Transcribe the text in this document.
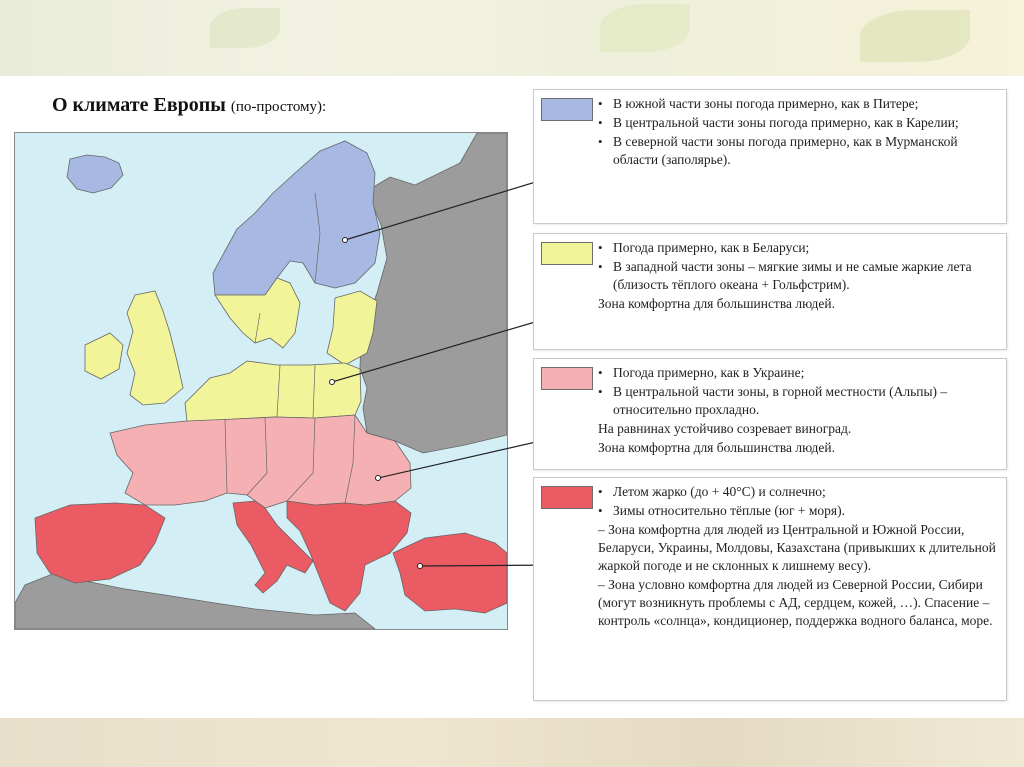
О климате Европы (по-простому):	• В южной части зоны погода примерно, как в Питере;
• В центральной части зоны погода примерно, как в Карелии;
• В северной части зоны погода примерно, как в Мурманской области (заполярье).
• Погода примерно, как в Беларуси;
• В западной части зоны – мягкие зимы и не самые жаркие лета (близость тёплого океана + Гольфстрим).
Зона комфортна для большинства людей.
• Погода примерно, как в Украине;
• В центральной части зоны, в горной местности (Альпы) – относительно прохладно.
На равнинах устойчиво созревает виноград.
Зона комфортна для большинства людей.
• Летом жарко (до + 40°C) и солнечно;
• Зимы относительно тёплые (юг + моря).
– Зона комфортна для людей из Центральной и Южной России, Беларуси, Украины, Молдовы, Казахстана (привыкших к длительной жаркой погоде и не склонных к лишнему весу).
– Зона условно комфортна для людей из Северной России, Сибири (могут возникнуть проблемы с АД, сердцем, кожей, …). Спасение – контроль «солнца», кондиционер, поддержка водного баланса, море.
